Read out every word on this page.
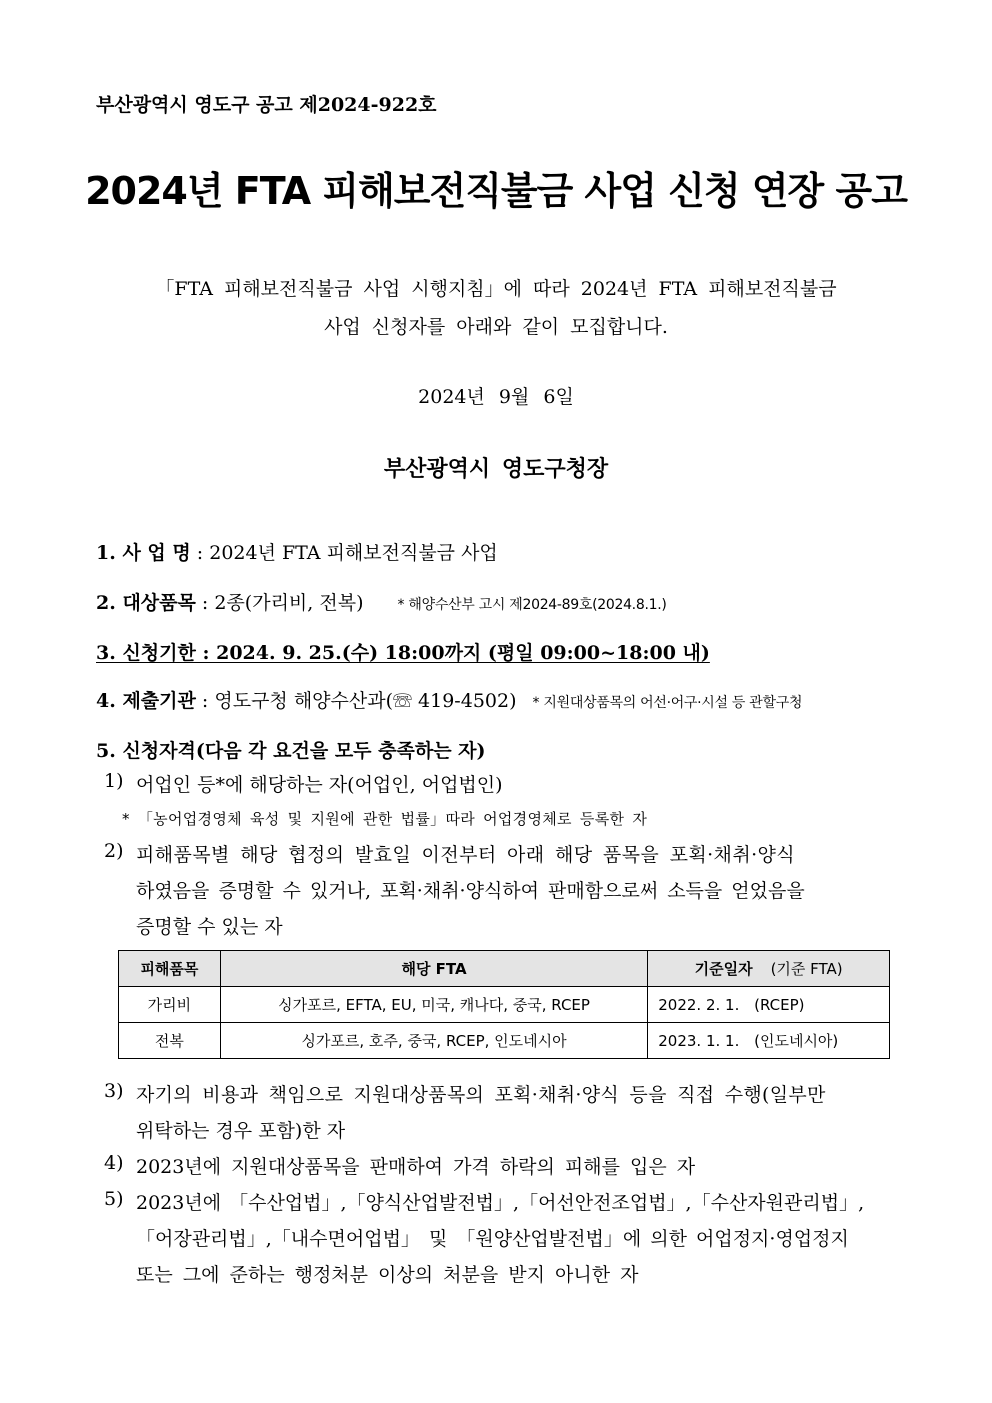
부산광역시 영도구 공고 제2024-922호
2024년 FTA 피해보전직불금 사업 신청 연장 공고
「FTA 피해보전직불금 사업 시행지침」에 따라 2024년 FTA 피해보전직불금
사업 신청자를 아래와 같이 모집합니다.
2024년 9월 6일
부산광역시 영도구청장
1. 사 업 명 : 2024년 FTA 피해보전직불금 사업
2. 대상품목 : 2종(가리비, 전복) * 해양수산부 고시 제2024-89호(2024.8.1.)
3. 신청기한 : 2024. 9. 25.(수) 18:00까지 (평일 09:00~18:00 내)
4. 제출기관 : 영도구청 해양수산과(☏ 419-4502) * 지원대상품목의 어선·어구·시설 등 관할구청
5. 신청자격(다음 각 요건을 모두 충족하는 자)
1) 어업인 등*에 해당하는 자(어업인, 어업법인)
* 「농어업경영체 육성 및 지원에 관한 법률」따라 어업경영체로 등록한 자
2) 피해품목별 해당 협정의 발효일 이전부터 아래 해당 품목을 포획·채취·양식
하였음을 증명할 수 있거나, 포획·채취·양식하여 판매함으로써 소득을 얻었음을
증명할 수 있는 자
피해품목	해당 FTA	기준일자 (기준 FTA)
가리비	싱가포르, EFTA, EU, 미국, 캐나다, 중국, RCEP	2022. 2. 1. (RCEP)
전복	싱가포르, 호주, 중국, RCEP, 인도네시아	2023. 1. 1. (인도네시아)
3) 자기의 비용과 책임으로 지원대상품목의 포획·채취·양식 등을 직접 수행(일부만
위탁하는 경우 포함)한 자
4) 2023년에 지원대상품목을 판매하여 가격 하락의 피해를 입은 자
5) 2023년에 「수산업법」,「양식산업발전법」,「어선안전조업법」,「수산자원관리법」,
「어장관리법」,「내수면어업법」 및 「원양산업발전법」에 의한 어업정지·영업정지
또는 그에 준하는 행정처분 이상의 처분을 받지 아니한 자
